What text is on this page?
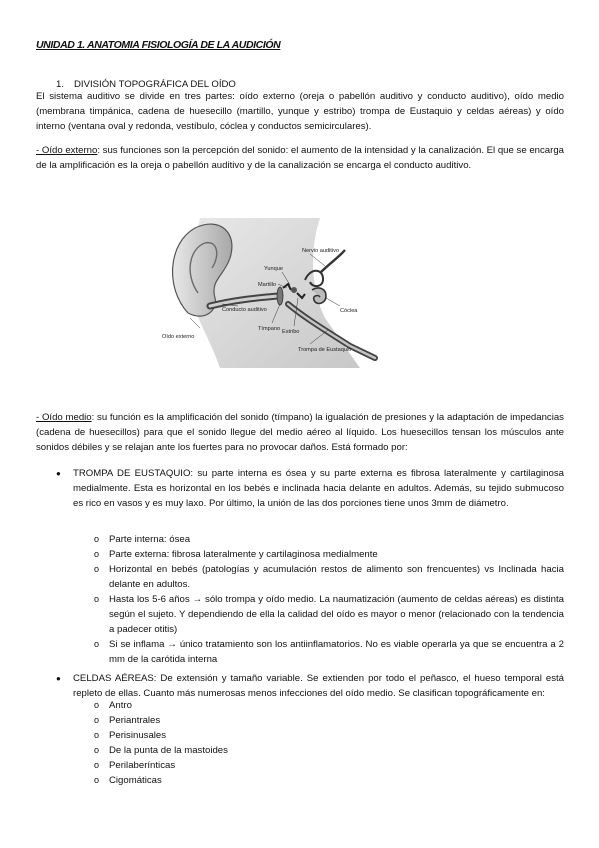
UNIDAD 1. ANATOMIA FISIOLOGÍA DE LA AUDICIÓN
1. DIVISIÓN TOPOGRÁFICA DEL OÍDO
El sistema auditivo se divide en tres partes: oído externo (oreja o pabellón auditivo y conducto auditivo), oído medio (membrana timpánica, cadena de huesecillo (martillo, yunque y estribo) trompa de Eustaquio y celdas aéreas) y oído interno (ventana oval y redonda, vestíbulo, cóclea y conductos semicirculares).
- Oído externo: sus funciones son la percepción del sonido: el aumento de la intensidad y la canalización. El que se encarga de la amplificación es la oreja o pabellón auditivo y de la canalización se encarga el conducto auditivo.
Conducto auditivo
Oído externo
Tímpano Estribo
Yunque
Martillo
Nervio auditivo
Cóclea
Trompa de Eustaquio
- Oído medio: su función es la amplificación del sonido (tímpano) la igualación de presiones y la adaptación de impedancias (cadena de huesecillos) para que el sonido llegue del medio aéreo al líquido. Los huesecillos tensan los músculos ante sonidos débiles y se relajan ante los fuertes para no provocar daños. Está formado por:
● TROMPA DE EUSTAQUIO: su parte interna es ósea y su parte externa es fibrosa lateralmente y cartilaginosa medialmente. Esta es horizontal en los bebés e inclinada hacia delante en adultos. Además, su tejido submucoso es rico en vasos y es muy laxo. Por último, la unión de las dos porciones tiene unos 3mm de diámetro.
o Parte interna: ósea
o Parte externa: fibrosa lateralmente y cartilaginosa medialmente
o Horizontal en bebés (patologías y acumulación restos de alimento son frencuentes) vs Inclinada hacia delante en adultos.
o Hasta los 5-6 años → sólo trompa y oído medio. La naumatización (aumento de celdas aéreas) es distinta según el sujeto. Y dependiendo de ella la calidad del oído es mayor o menor (relacionado con la tendencia a padecer otitis)
o Si se inflama → único tratamiento son los antiinflamatorios. No es viable operarla ya que se encuentra a 2 mm de la carótida interna
● CELDAS AÉREAS: De extensión y tamaño variable. Se extienden por todo el peñasco, el hueso temporal está repleto de ellas. Cuanto más numerosas menos infecciones del oído medio. Se clasifican topográficamente en:
o Antro
o Periantrales
o Perisinusales
o De la punta de la mastoides
o Perilaberínticas
o Cigomáticas
